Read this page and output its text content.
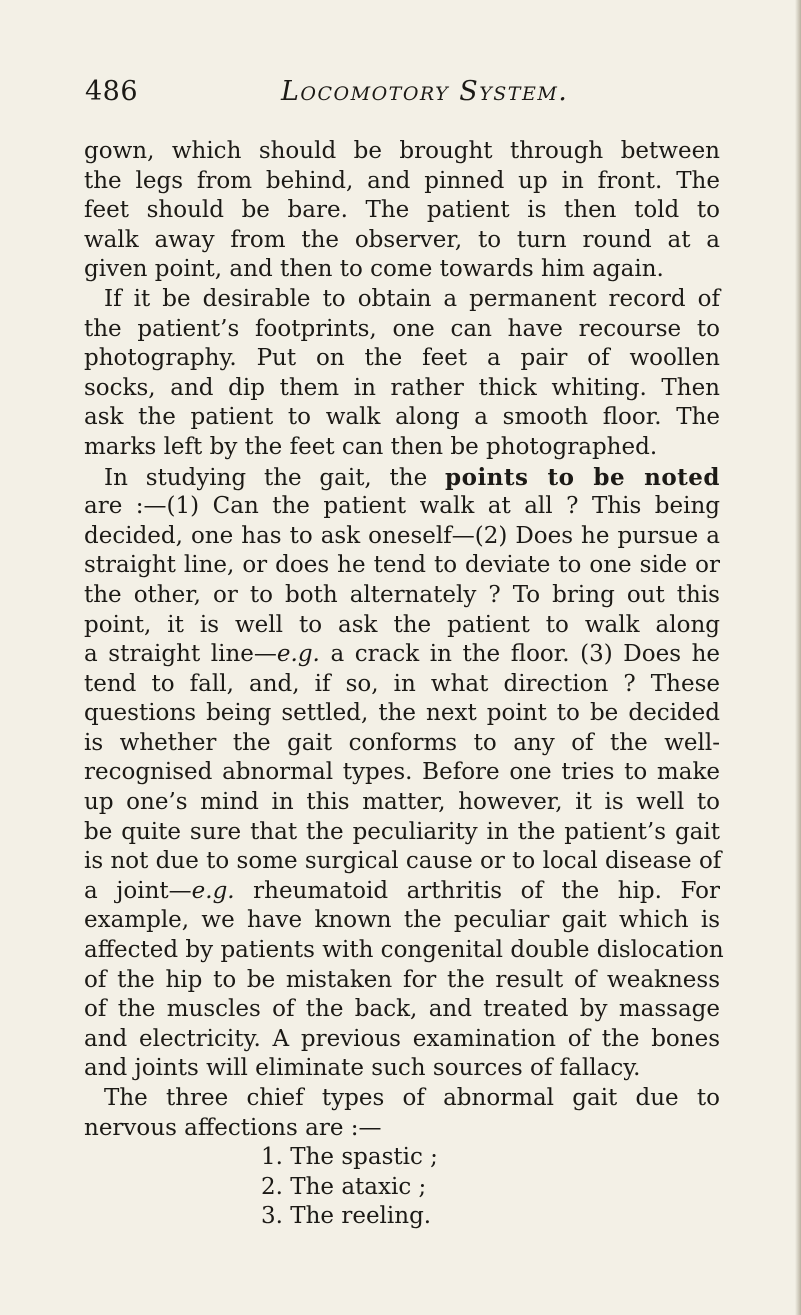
486	Locomotory System.
gown, which should be brought through between
the legs from behind, and pinned up in front. The
feet should be bare. The patient is then told to
walk away from the observer, to turn round at a
given point, and then to come towards him again.
If it be desirable to obtain a permanent record of
the patient’s footprints, one can have recourse to
photography. Put on the feet a pair of woollen
socks, and dip them in rather thick whiting. Then
ask the patient to walk along a smooth floor. The
marks left by the feet can then be photographed.
In studying the gait, the points to be noted
are :—(1) Can the patient walk at all ? This being
decided, one has to ask oneself—(2) Does he pursue a
straight line, or does he tend to deviate to one side or
the other, or to both alternately ? To bring out this
point, it is well to ask the patient to walk along
a straight line—e.g. a crack in the floor. (3) Does he
tend to fall, and, if so, in what direction ? These
questions being settled, the next point to be decided
is whether the gait conforms to any of the well-
recognised abnormal types. Before one tries to make
up one’s mind in this matter, however, it is well to
be quite sure that the peculiarity in the patient’s gait
is not due to some surgical cause or to local disease of
a joint—e.g. rheumatoid arthritis of the hip. For
example, we have known the peculiar gait which is
affected by patients with congenital double dislocation
of the hip to be mistaken for the result of weakness
of the muscles of the back, and treated by massage
and electricity. A previous examination of the bones
and joints will eliminate such sources of fallacy.
The three chief types of abnormal gait due to
nervous affections are :—
1. The spastic ;
2. The ataxic ;
3. The reeling.
